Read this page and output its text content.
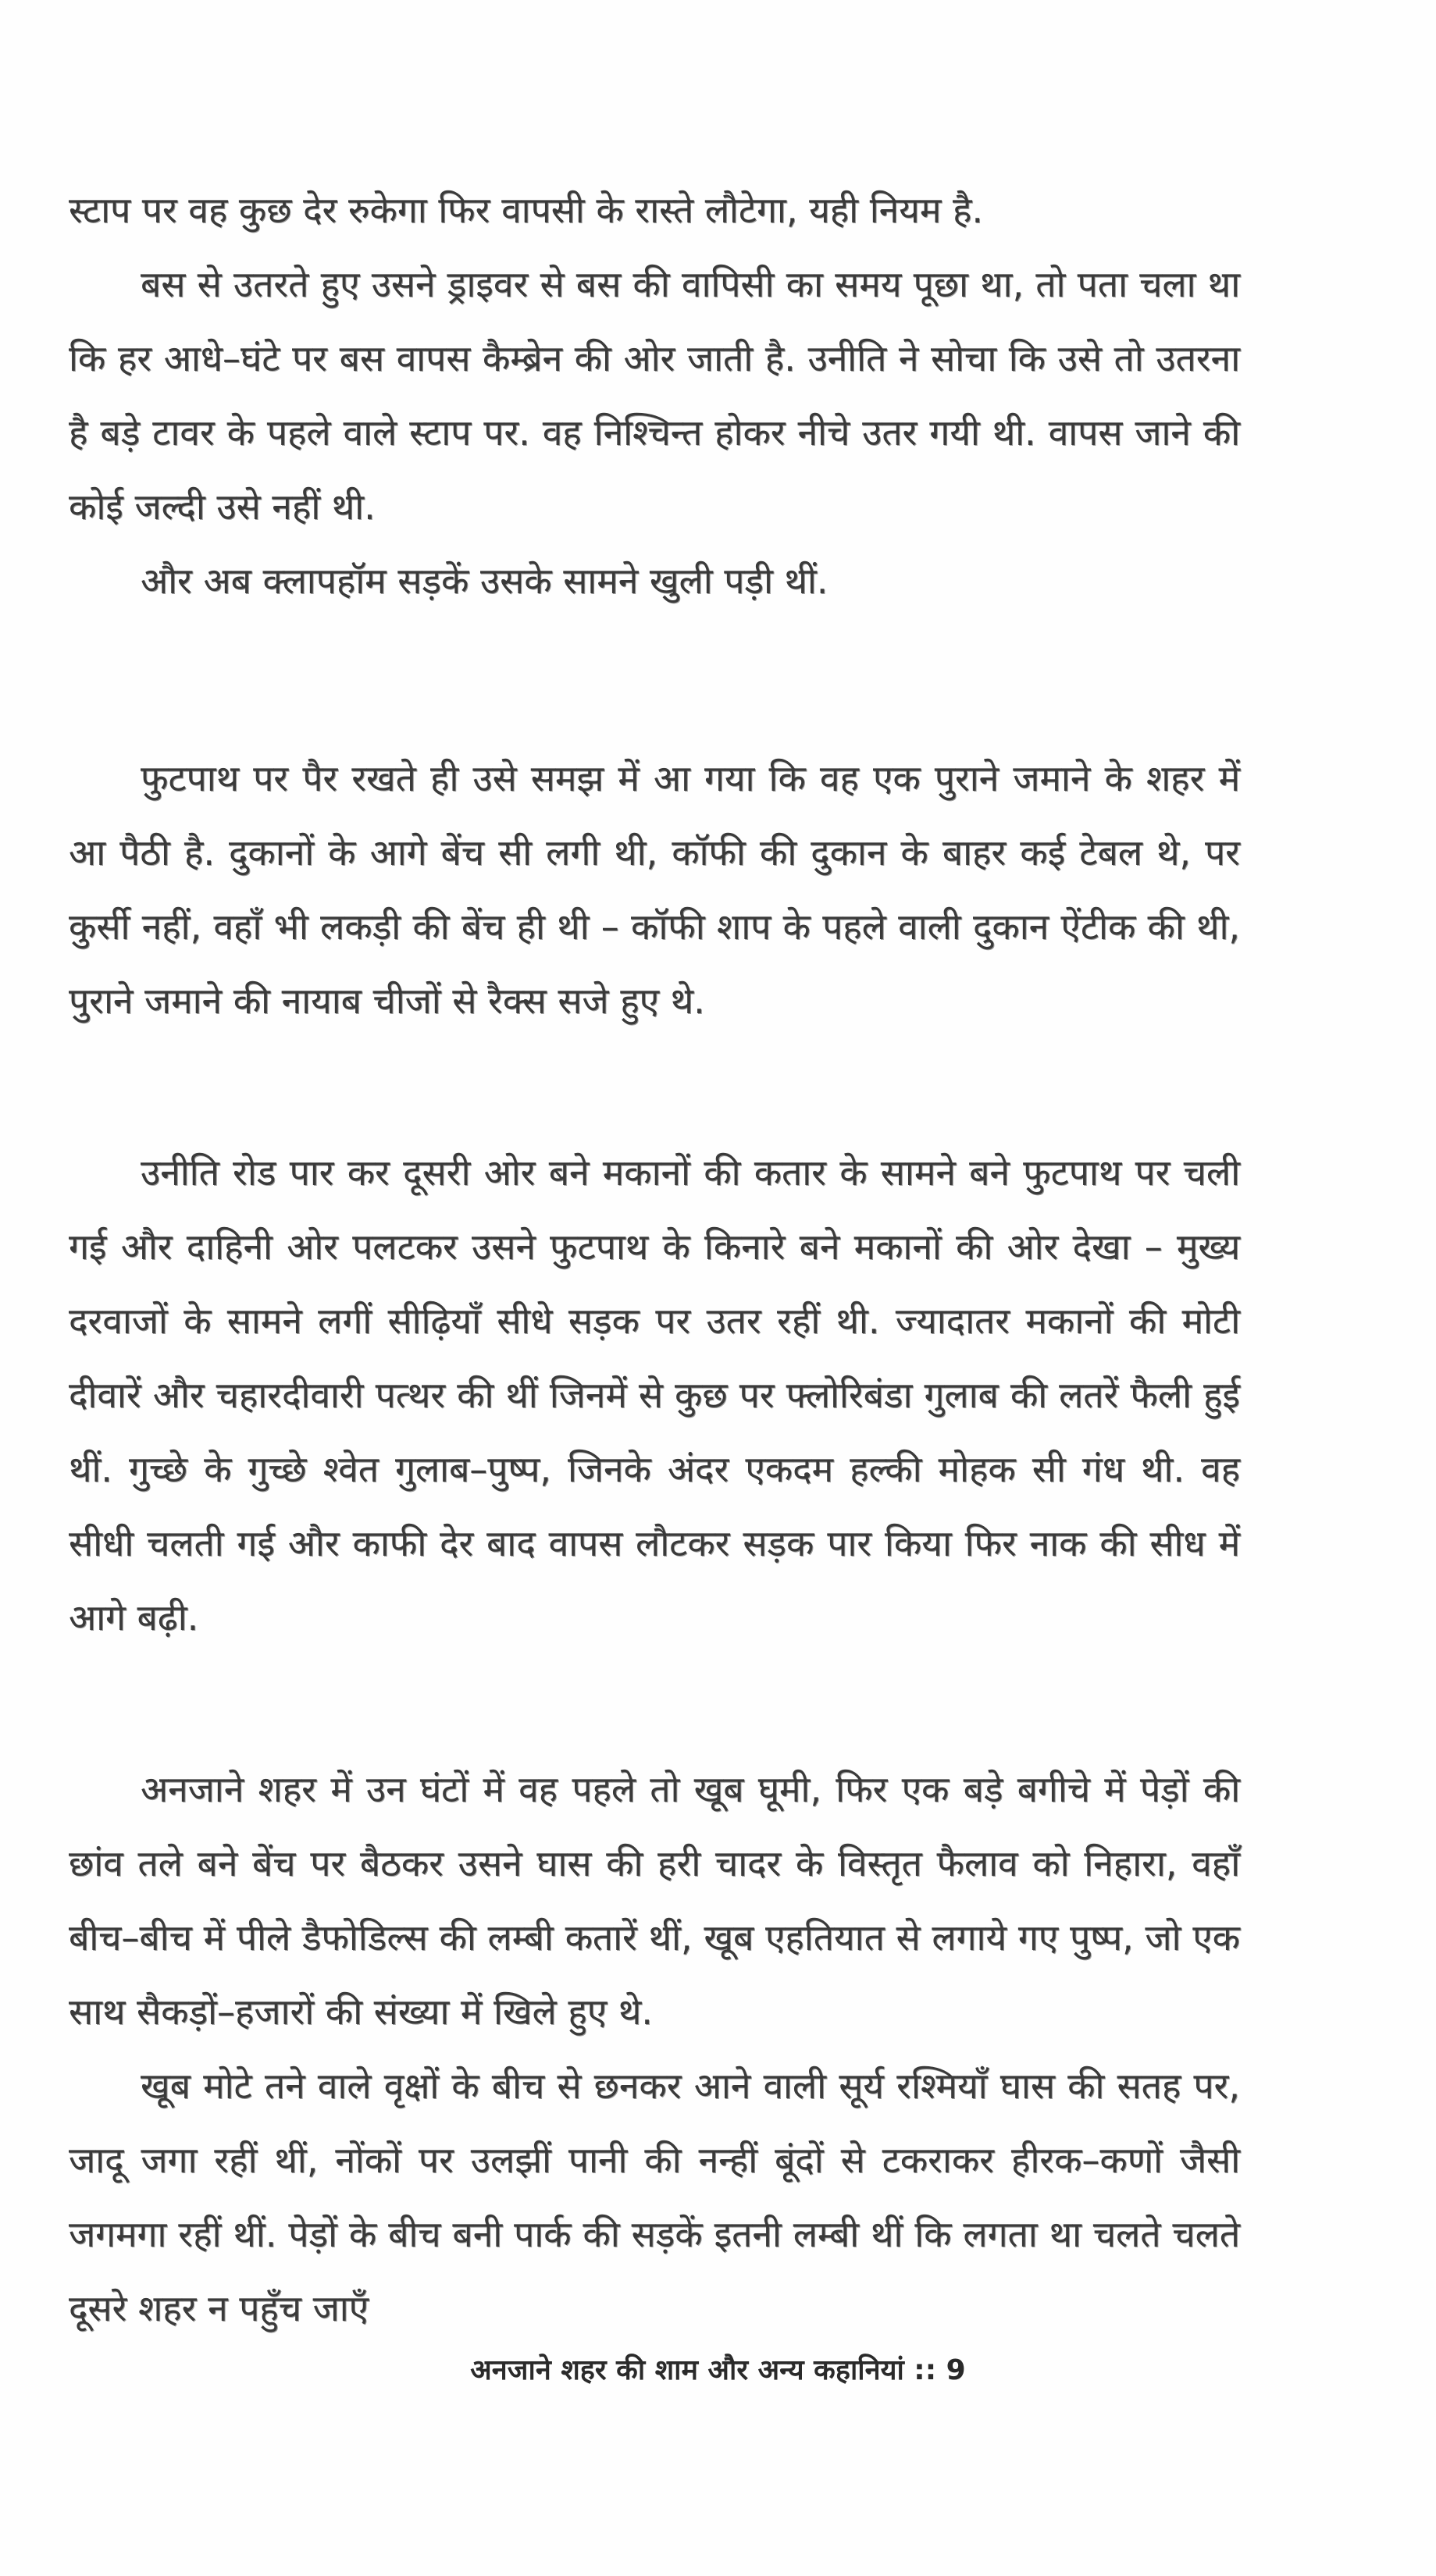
स्टाप पर वह कुछ देर रुकेगा फिर वापसी के रास्ते लौटेगा, यही नियम है.

बस से उतरते हुए उसने ड्राइवर से बस की वापिसी का समय पूछा था, तो पता चला था कि हर आधे–घंटे पर बस वापस कैम्ब्रेन की ओर जाती है. उनीति ने सोचा कि उसे तो उतरना है बड़े टावर के पहले वाले स्टाप पर. वह निश्चिन्त होकर नीचे उतर गयी थी. वापस जाने की कोई जल्दी उसे नहीं थी.

और अब क्लापहॉम सड़कें उसके सामने खुली पड़ी थीं.

फुटपाथ पर पैर रखते ही उसे समझ में आ गया कि वह एक पुराने जमाने के शहर में आ पैठी है. दुकानों के आगे बेंच सी लगी थी, कॉफी की दुकान के बाहर कई टेबल थे, पर कुर्सी नहीं, वहाँ भी लकड़ी की बेंच ही थी – कॉफी शाप के पहले वाली दुकान ऐंटीक की थी, पुराने जमाने की नायाब चीजों से रैक्स सजे हुए थे.

उनीति रोड पार कर दूसरी ओर बने मकानों की कतार के सामने बने फुटपाथ पर चली गई और दाहिनी ओर पलटकर उसने फुटपाथ के किनारे बने मकानों की ओर देखा – मुख्य दरवाजों के सामने लगीं सीढ़ियाँ सीधे सड़क पर उतर रहीं थी. ज्यादातर मकानों की मोटी दीवारें और चहारदीवारी पत्थर की थीं जिनमें से कुछ पर फ्लोरिबंडा गुलाब की लतरें फैली हुई थीं. गुच्छे के गुच्छे श्वेत गुलाब–पुष्प, जिनके अंदर एकदम हल्की मोहक सी गंध थी. वह सीधी चलती गई और काफी देर बाद वापस लौटकर सड़क पार किया फिर नाक की सीध में आगे बढ़ी.

अनजाने शहर में उन घंटों में वह पहले तो खूब घूमी, फिर एक बड़े बगीचे में पेड़ों की छांव तले बने बेंच पर बैठकर उसने घास की हरी चादर के विस्तृत फैलाव को निहारा, वहाँ बीच–बीच में पीले डैफोडिल्स की लम्बी कतारें थीं, खूब एहतियात से लगाये गए पुष्प, जो एक साथ सैकड़ों–हजारों की संख्या में खिले हुए थे.

खूब मोटे तने वाले वृक्षों के बीच से छनकर आने वाली सूर्य रश्मियाँ घास की सतह पर, जादू जगा रहीं थीं, नोंकों पर उलझीं पानी की नन्हीं बूंदों से टकराकर हीरक–कणों जैसी जगमगा रहीं थीं. पेड़ों के बीच बनी पार्क की सड़कें इतनी लम्बी थीं कि लगता था चलते चलते दूसरे शहर न पहुँच जाएँ

अनजाने शहर की शाम और अन्य कहानियां :: 9
